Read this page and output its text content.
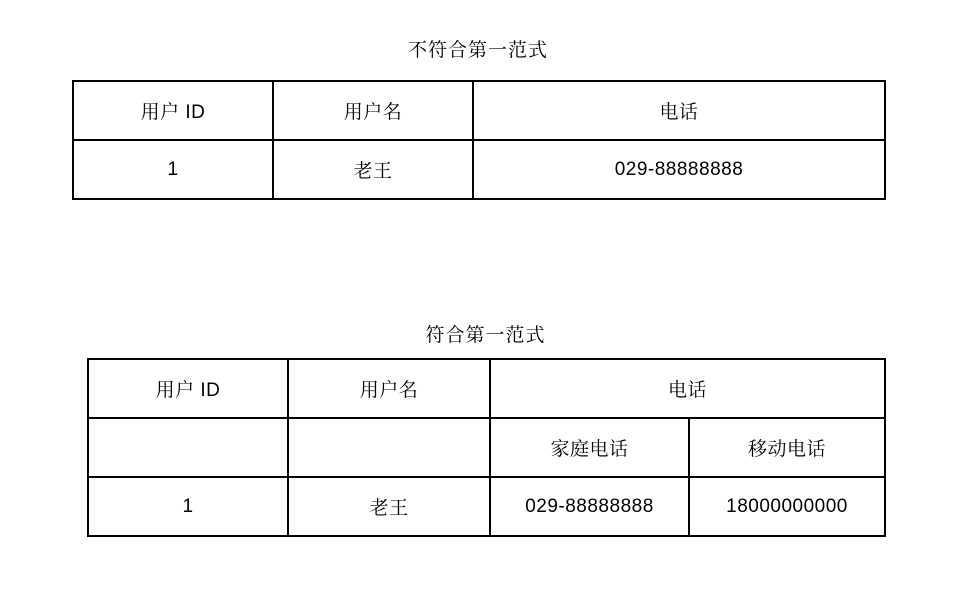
不符合第一范式
用户 ID	用户名	电话
1	老王	029-88888888
符合第一范式
用户 ID	用户名	电话	
		家庭电话	移动电话
1	老王	029-88888888	18000000000
